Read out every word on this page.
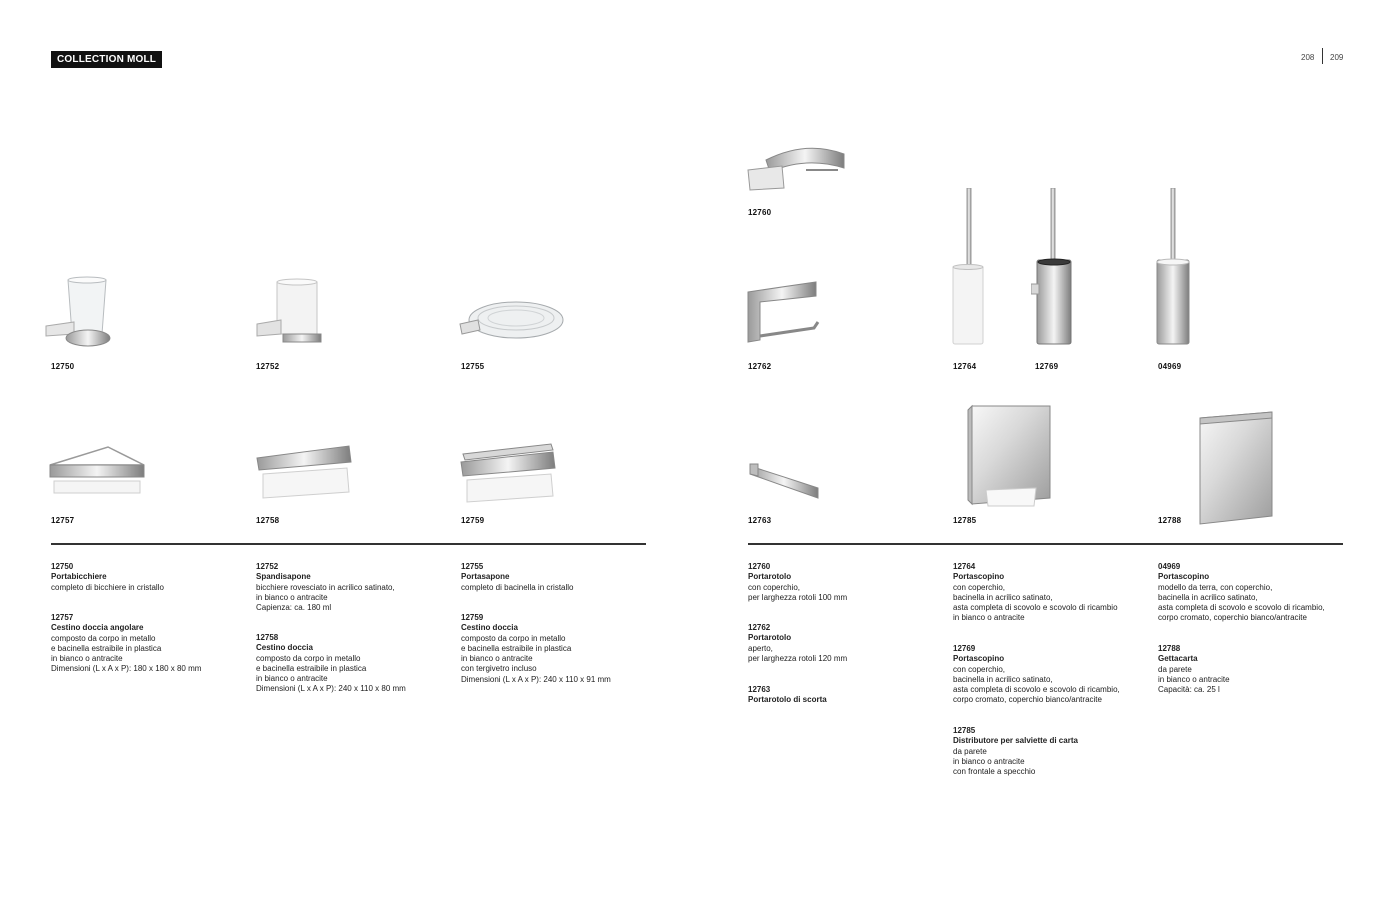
COLLECTION MOLL	208 209
12750	12752	12755
12757	12758	12759
12760
12762
12763
12764	12769	04969
12785	12788
12750
Portabicchiere
completo di bicchiere in cristallo
12757
Cestino doccia angolare
composto da corpo in metallo
e bacinella estraibile in plastica
in bianco o antracite
Dimensioni (L x A x P): 180 x 180 x 80 mm
12752
Spandisapone
bicchiere rovesciato in acrilico satinato,
in bianco o antracite
Capienza: ca. 180 ml
12758
Cestino doccia
composto da corpo in metallo
e bacinella estraibile in plastica
in bianco o antracite
Dimensioni (L x A x P): 240 x 110 x 80 mm
12755
Portasapone
completo di bacinella in cristallo
12759
Cestino doccia
composto da corpo in metallo
e bacinella estraibile in plastica
in bianco o antracite
con tergivetro incluso
Dimensioni (L x A x P): 240 x 110 x 91 mm
12760
Portarotolo
con coperchio,
per larghezza rotoli 100 mm
12762
Portarotolo
aperto,
per larghezza rotoli 120 mm
12763
Portarotolo di scorta
12764
Portascopino
con coperchio,
bacinella in acrilico satinato,
asta completa di scovolo e scovolo di ricambio
in bianco o antracite
12769
Portascopino
con coperchio,
bacinella in acrilico satinato,
asta completa di scovolo e scovolo di ricambio,
corpo cromato, coperchio bianco/antracite
12785
Distributore per salviette di carta
da parete
in bianco o antracite
con frontale a specchio
04969
Portascopino
modello da terra, con coperchio,
bacinella in acrilico satinato,
asta completa di scovolo e scovolo di ricambio,
corpo cromato, coperchio bianco/antracite
12788
Gettacarta
da parete
in bianco o antracite
Capacità: ca. 25 l
